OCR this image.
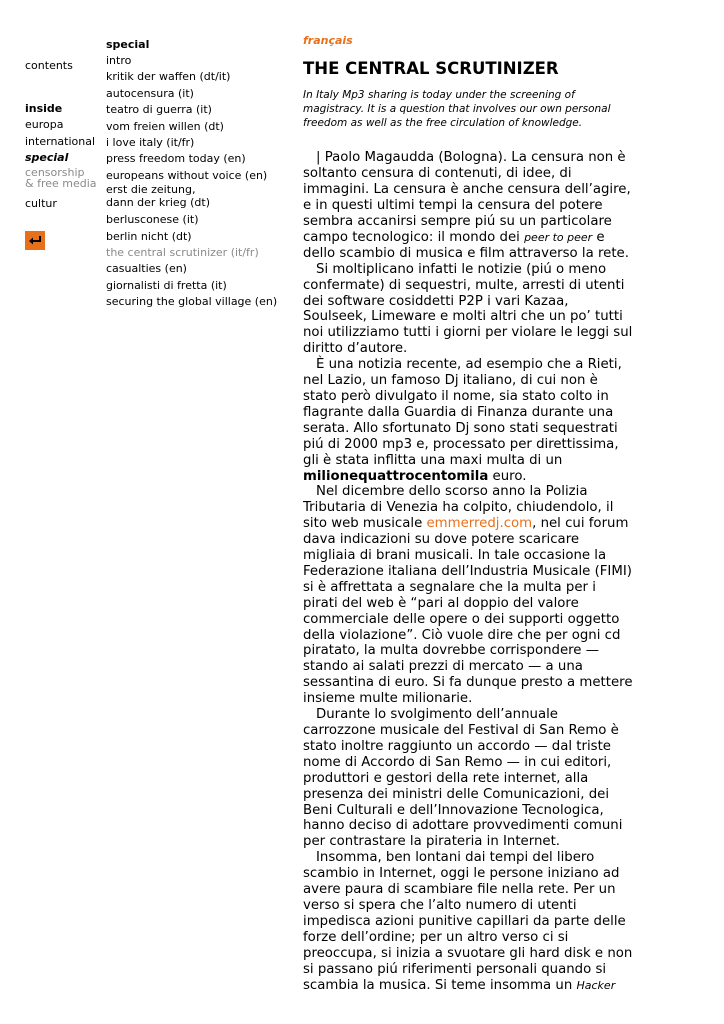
contents
inside
europa
international
special
censorship
& free media
cultur
special
intro
kritik der waffen (dt/it)
autocensura (it)
teatro di guerra (it)
vom freien willen (dt)
i love italy (it/fr)
press freedom today (en)
europeans without voice (en)
erst die zeitung,
dann der krieg (dt)
berlusconese (it)
berlin nicht (dt)
the central scrutinizer (it/fr)
casualties (en)
giornalisti di fretta (it)
securing the global village (en)
français
THE CENTRAL SCRUTINIZER

In Italy Mp3 sharing is today under the screening of magistracy. It is a question that involves our own personal freedom as well as the free circulation of knowledge.

| Paolo Magaudda (Bologna). La censura non è soltanto censura di contenuti, di idee, di immagini. La censura è anche censura dell’agire, e in questi ultimi tempi la censura del potere sembra accanirsi sempre piú su un particolare campo tecnologico: il mondo dei peer to peer e dello scambio di musica e film attraverso la rete.

Si moltiplicano infatti le notizie (piú o meno confermate) di sequestri, multe, arresti di utenti dei software cosiddetti P2P i vari Kazaa, Soulseek, Limeware e molti altri che un po’ tutti noi utilizziamo tutti i giorni per violare le leggi sul diritto d’autore.

È una notizia recente, ad esempio che a Rieti, nel Lazio, un famoso Dj italiano, di cui non è stato però divulgato il nome, sia stato colto in flagrante dalla Guardia di Finanza durante una serata. Allo sfortunato Dj sono stati sequestrati piú di 2000 mp3 e, processato per direttissima, gli è stata inflitta una maxi multa di un milionequattrocentomila euro.

Nel dicembre dello scorso anno la Polizia Tributaria di Venezia ha colpito, chiudendolo, il sito web musicale emmerredj.com, nel cui forum dava indicazioni su dove potere scaricare migliaia di brani musicali. In tale occasione la Federazione italiana dell’Industria Musicale (FIMI) si è affrettata a segnalare che la multa per i pirati del web è “pari al doppio del valore commerciale delle opere o dei supporti oggetto della violazione”. Ciò vuole dire che per ogni cd piratato, la multa dovrebbe corrispondere — stando ai salati prezzi di mercato — a una sessantina di euro. Si fa dunque presto a mettere insieme multe milionarie.

Durante lo svolgimento dell’annuale carrozzone musicale del Festival di San Remo è stato inoltre raggiunto un accordo — dal triste nome di Accordo di San Remo — in cui editori, produttori e gestori della rete internet, alla presenza dei ministri delle Comunicazioni, dei Beni Culturali e dell’Innovazione Tecnologica, hanno deciso di adottare provvedimenti comuni per contrastare la pirateria in Internet.

Insomma, ben lontani dai tempi del libero scambio in Internet, oggi le persone iniziano ad avere paura di scambiare file nella rete. Per un verso si spera che l’alto numero di utenti impedisca azioni punitive capillari da parte delle forze dell’ordine; per un altro verso ci si preoccupa, si inizia a svuotare gli hard disk e non si passano piú riferimenti personali quando si scambia la musica. Si teme insomma un Hacker
